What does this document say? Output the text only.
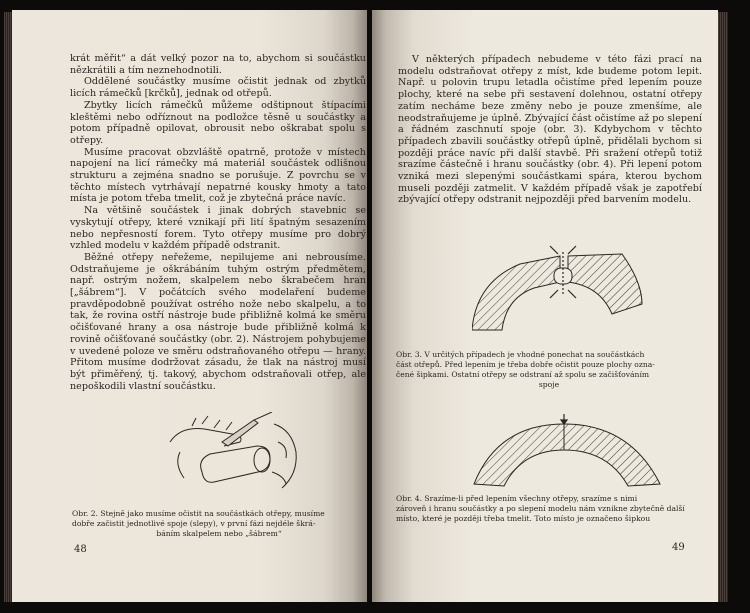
krát měřit“ a dát velký pozor na to, abychom si součástku nězkrátili a tím neznehodnotili.

Oddělené součástky musíme očistit jednak od zbytků licích rámečků [krčků], jednak od otřepů.

Zbytky licích rámečků můžeme odštipnout štípacími kleštěmi nebo odříznout na podložce těsně u součástky a potom případně opilovat, obrousit nebo oškrabat spolu s otřepy.

Musíme pracovat obzvláště opatrně, protože v místech napojení na licí rámečky má materiál součástek odlišnou strukturu a zejména snadno se porušuje. Z povrchu se v těchto místech vytrhávají nepatrné kousky hmoty a tato místa je potom třeba tmelit, což je zbytečná práce navíc.

Na většině součástek i jinak dobrých stavebnic se vyskytují otřepy, které vznikají při lití špatným sesazením nebo nepřesností forem. Tyto otřepy musíme pro dobrý vzhled modelu v každém případě odstranit.

Běžné otřepy neřežeme, nepilujeme ani nebrousíme. Odstraňujeme je oškrábáním tuhým ostrým předmětem, např. ostrým nožem, skalpelem nebo škrabečem hran [„šábrem“]. V počátcích svého modelaření budeme pravděpodobně používat ostrého nože nebo skalpelu, a to tak, že rovina ostří nástroje bude přibližně kolmá ke směru očišťované hrany a osa nástroje bude přibližně kolmá k rovině očišťované součástky (obr. 2). Nástrojem pohybujeme v uvedené poloze ve směru odstraňovaného otřepu — hrany. Přitom musíme dodržovat zásadu, že tlak na nástroj musí být přiměřený, tj. takový, abychom odstraňovali otřep, ale nepoškodili vlastní součástku.

Obr. 2. Stejně jako musíme očistit na součástkách otřepy, musíme
dobře začistit jednotlivé spoje (slepy), v první fázi nejdéle škrá-
báním skalpelem nebo „šábrem“
48

V některých případech nebudeme v této fázi prací na modelu odstraňovat otřepy z míst, kde budeme potom lepit. Např. u polovin trupu letadla očistíme před lepením pouze plochy, které na sebe při sestavení dolehnou, ostatní otřepy zatím necháme beze změny nebo je pouze zmenšíme, ale neodstraňujeme je úplně. Zbývající část očistíme až po slepení a řádném zaschnutí spoje (obr. 3). Kdybychom v těchto případech zbavili součástky otřepů úplně, přidělali bychom si později práce navíc při další stavbě. Při sražení otřepů totiž srazíme částečně i hranu součástky (obr. 4). Při lepení potom vzniká mezi slepenými součástkami spára, kterou bychom museli později zatmelit. V každém případě však je zapotřebí zbývající otřepy odstranit nejpozději před barvením modelu.

Obr. 3. V určitých případech je vhodné ponechat na součástkách
část otřepů. Před lepením je třeba dobře očistit pouze plochy ozna-
čené šipkami. Ostatní otřepy se odstraní až spolu se začišťováním
spoje
Obr. 4. Srazíme-li před lepením všechny otřepy, srazíme s nimi
zároveň i hranu součástky a po slepení modelu nám vznikne zbytečně další
místo, které je později třeba tmelit. Toto místo je označeno šipkou
49
